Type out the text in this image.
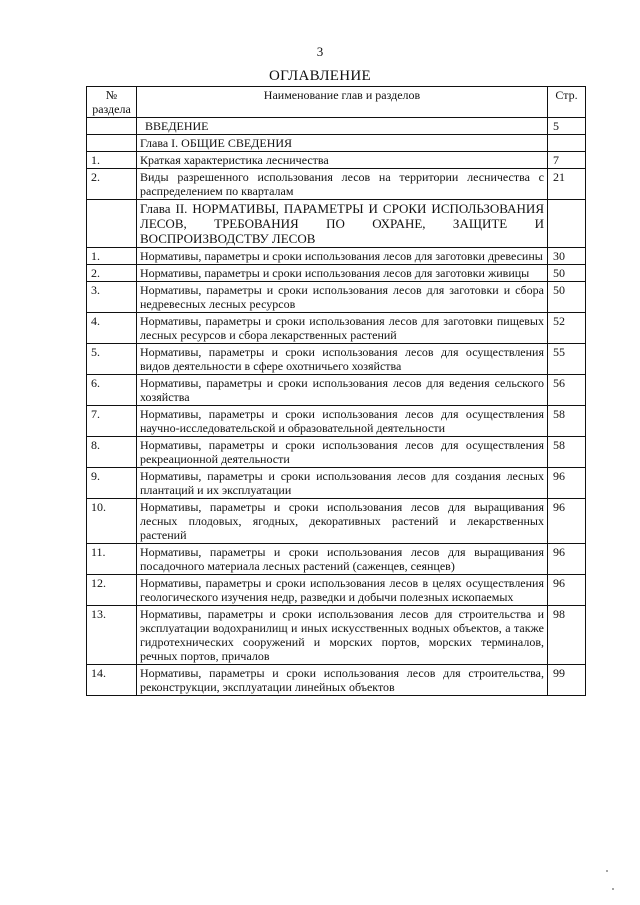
3
ОГЛАВЛЕНИЕ
№
раздела	Наименование глав и разделов	Стр.
	ВВЕДЕНИЕ	5
	Глава I. ОБЩИЕ СВЕДЕНИЯ	
1.	Краткая характеристика лесничества	7
2.	Виды разрешенного использования лесов на территории лесничества с распределением по кварталам	21
	Глава II. НОРМАТИВЫ, ПАРАМЕТРЫ И СРОКИ ИСПОЛЬЗОВАНИЯ ЛЕСОВ, ТРЕБОВАНИЯ ПО ОХРАНЕ, ЗАЩИТЕ И ВОСПРОИЗВОДСТВУ ЛЕСОВ	
1.	Нормативы, параметры и сроки использования лесов для заготовки древесины	30
2.	Нормативы, параметры и сроки использования лесов для заготовки живицы	50
3.	Нормативы, параметры и сроки использования лесов для заготовки и сбора недревесных лесных ресурсов	50
4.	Нормативы, параметры и сроки использования лесов для заготовки пищевых лесных ресурсов и сбора лекарственных растений	52
5.	Нормативы, параметры и сроки использования лесов для осуществления видов деятельности в сфере охотничьего хозяйства	55
6.	Нормативы, параметры и сроки использования лесов для ведения сельского хозяйства	56
7.	Нормативы, параметры и сроки использования лесов для осуществления научно-исследовательской и образовательной деятельности	58
8.	Нормативы, параметры и сроки использования лесов для осуществления рекреационной деятельности	58
9.	Нормативы, параметры и сроки использования лесов для создания лесных плантаций и их эксплуатации	96
10.	Нормативы, параметры и сроки использования лесов для выращивания лесных плодовых, ягодных, декоративных растений и лекарственных растений	96
11.	Нормативы, параметры и сроки использования лесов для выращивания посадочного материала лесных растений (саженцев, сеянцев)	96
12.	Нормативы, параметры и сроки использования лесов в целях осуществления геологического изучения недр, разведки и добычи полезных ископаемых	96
13.	Нормативы, параметры и сроки использования лесов для строительства и эксплуатации водохранилищ и иных искусственных водных объектов, а также гидротехнических сооружений и морских портов, морских терминалов, речных портов, причалов	98
14.	Нормативы, параметры и сроки использования лесов для строительства, реконструкции, эксплуатации линейных объектов	99
